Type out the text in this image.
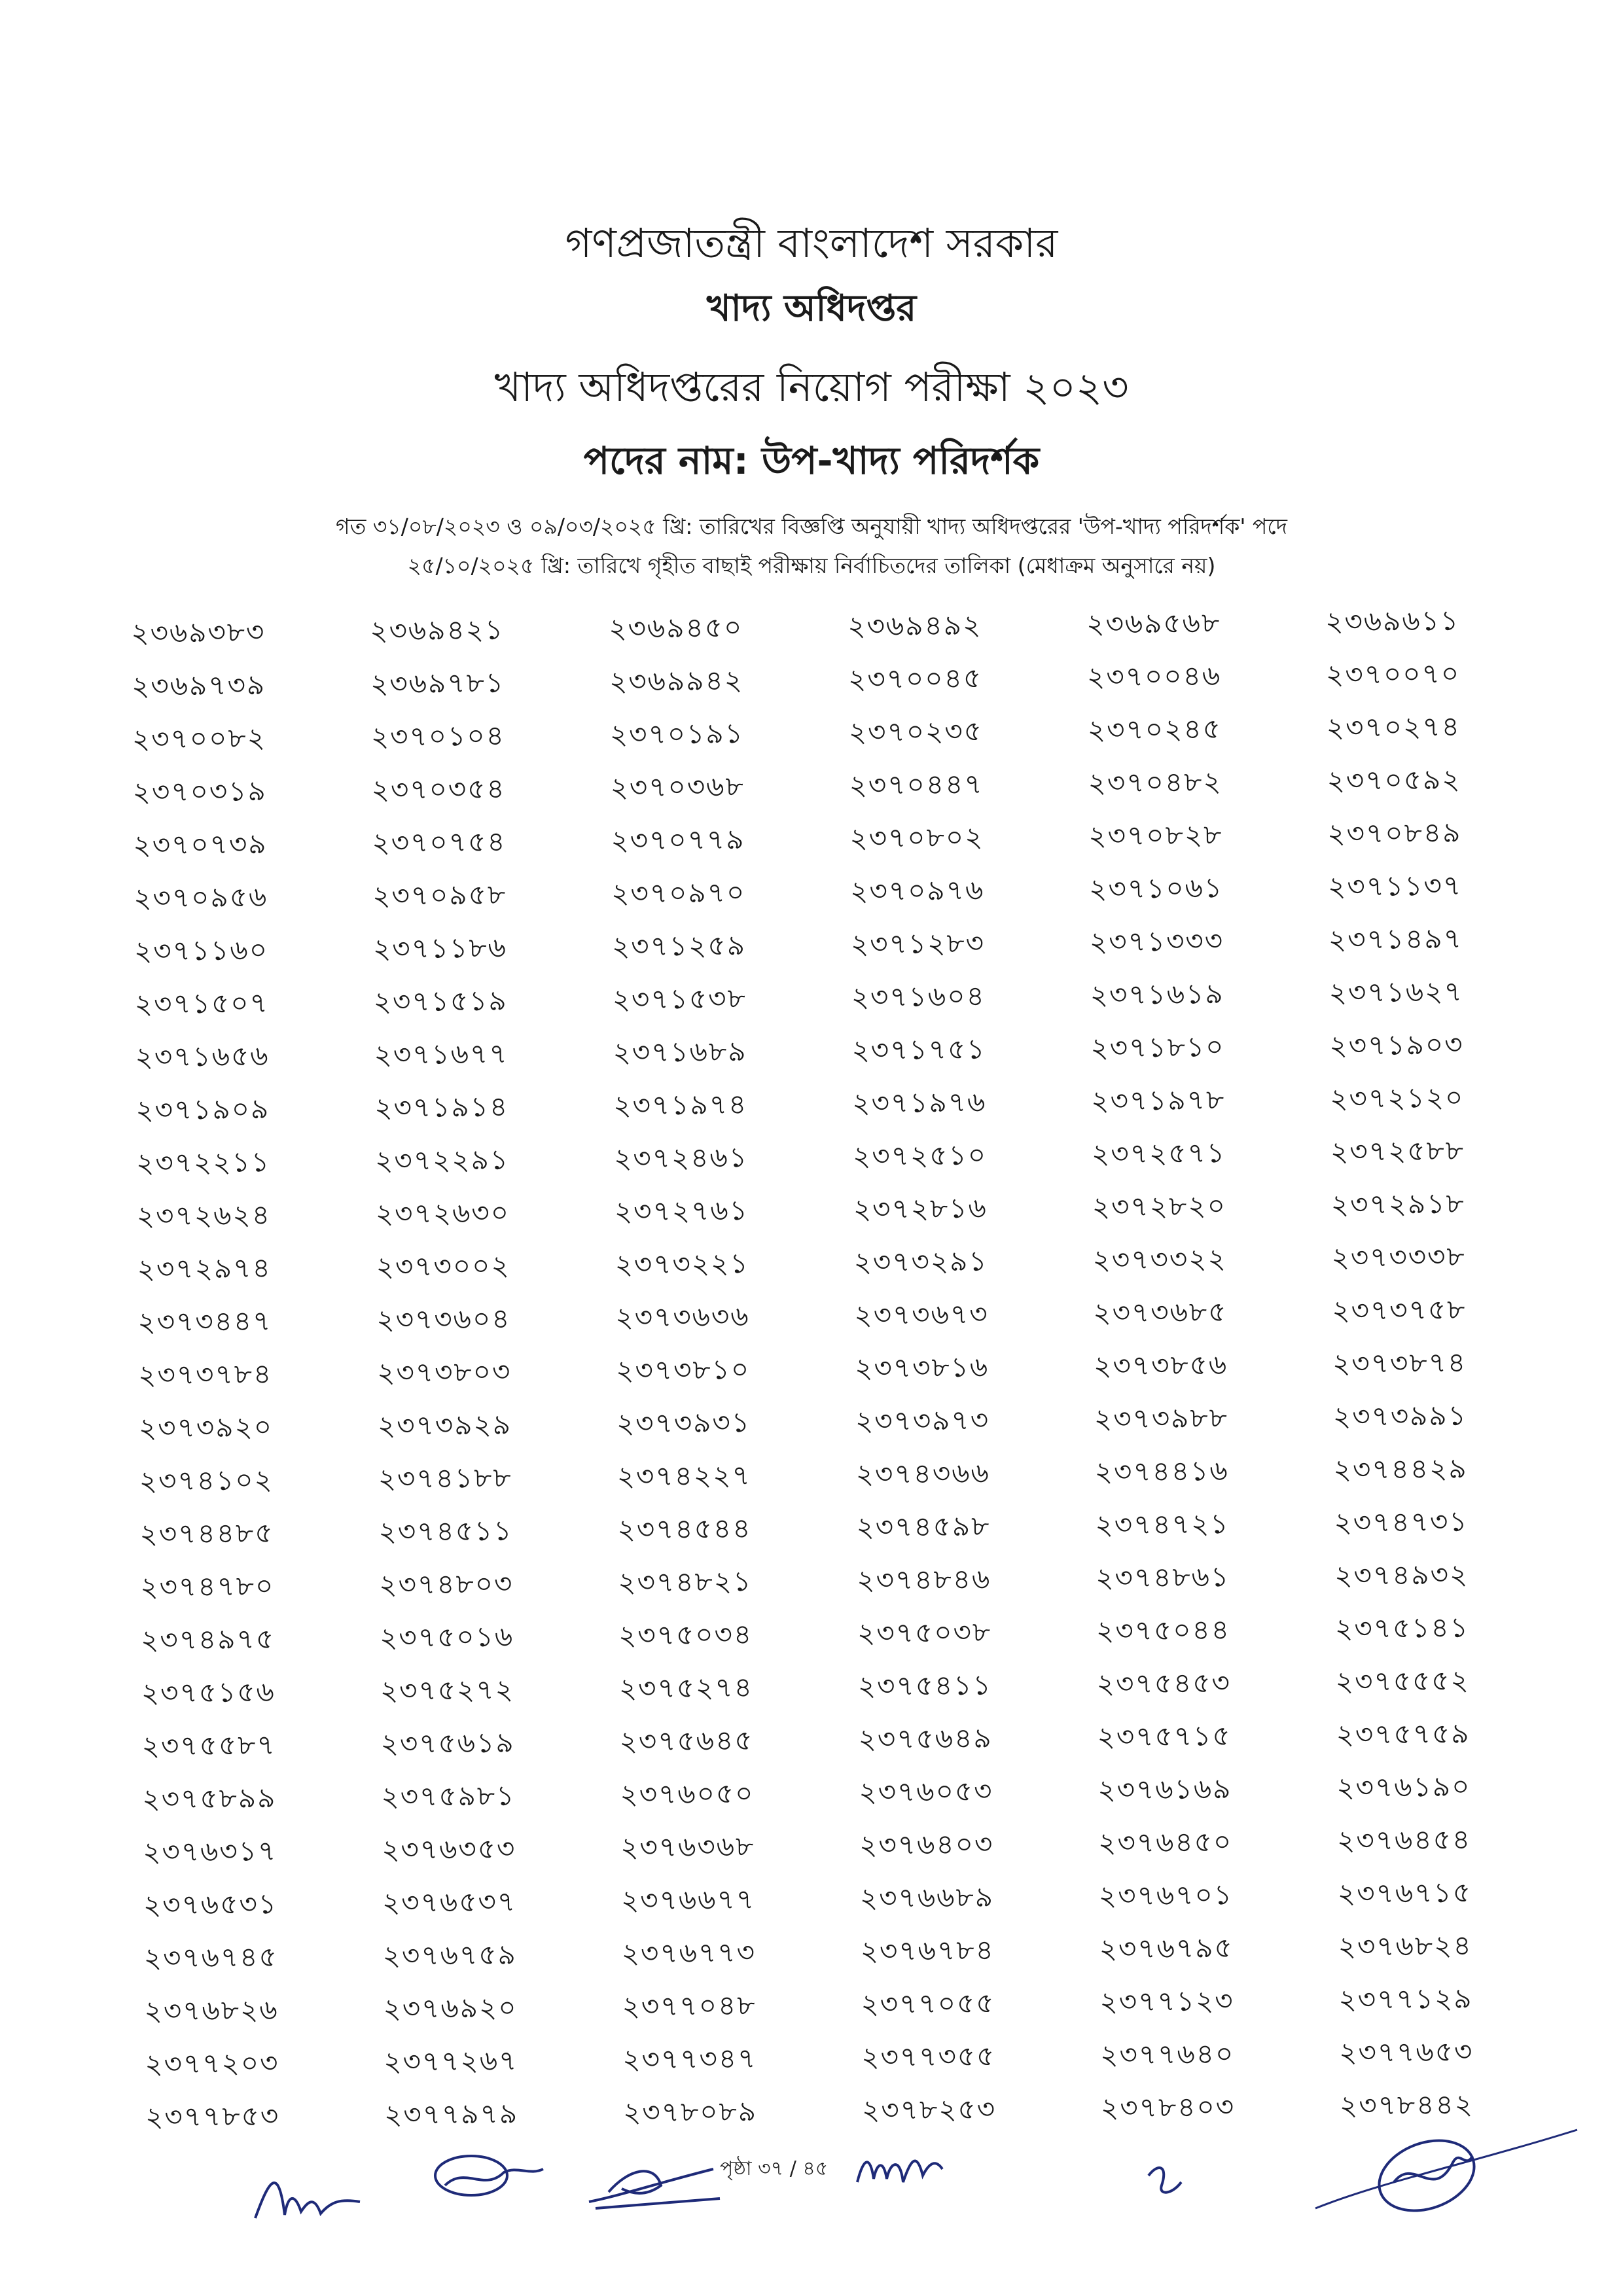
গণপ্রজাতন্ত্রী বাংলাদেশ সরকার
খাদ্য অধিদপ্তর
খাদ্য অধিদপ্তরের নিয়োগ পরীক্ষা ২০২৩
পদের নাম: উপ-খাদ্য পরিদর্শক
গত ৩১/০৮/২০২৩ ও ০৯/০৩/২০২৫ খ্রি: তারিখের বিজ্ঞপ্তি অনুযায়ী খাদ্য অধিদপ্তরের 'উপ-খাদ্য পরিদর্শক' পদে
২৫/১০/২০২৫ খ্রি: তারিখে গৃহীত বাছাই পরীক্ষায় নির্বাচিতদের তালিকা (মেধাক্রম অনুসারে নয়)
২৩৬৯৩৮৩	২৩৬৯৪২১	২৩৬৯৪৫০	২৩৬৯৪৯২	২৩৬৯৫৬৮	২৩৬৯৬১১
২৩৬৯৭৩৯	২৩৬৯৭৮১	২৩৬৯৯৪২	২৩৭০০৪৫	২৩৭০০৪৬	২৩৭০০৭০
২৩৭০০৮২	২৩৭০১০৪	২৩৭০১৯১	২৩৭০২৩৫	২৩৭০২৪৫	২৩৭০২৭৪
২৩৭০৩১৯	২৩৭০৩৫৪	২৩৭০৩৬৮	২৩৭০৪৪৭	২৩৭০৪৮২	২৩৭০৫৯২
২৩৭০৭৩৯	২৩৭০৭৫৪	২৩৭০৭৭৯	২৩৭০৮০২	২৩৭০৮২৮	২৩৭০৮৪৯
২৩৭০৯৫৬	২৩৭০৯৫৮	২৩৭০৯৭০	২৩৭০৯৭৬	২৩৭১০৬১	২৩৭১১৩৭
২৩৭১১৬০	২৩৭১১৮৬	২৩৭১২৫৯	২৩৭১২৮৩	২৩৭১৩৩৩	২৩৭১৪৯৭
২৩৭১৫০৭	২৩৭১৫১৯	২৩৭১৫৩৮	২৩৭১৬০৪	২৩৭১৬১৯	২৩৭১৬২৭
২৩৭১৬৫৬	২৩৭১৬৭৭	২৩৭১৬৮৯	২৩৭১৭৫১	২৩৭১৮১০	২৩৭১৯০৩
২৩৭১৯০৯	২৩৭১৯১৪	২৩৭১৯৭৪	২৩৭১৯৭৬	২৩৭১৯৭৮	২৩৭২১২০
২৩৭২২১১	২৩৭২২৯১	২৩৭২৪৬১	২৩৭২৫১০	২৩৭২৫৭১	২৩৭২৫৮৮
২৩৭২৬২৪	২৩৭২৬৩০	২৩৭২৭৬১	২৩৭২৮১৬	২৩৭২৮২০	২৩৭২৯১৮
২৩৭২৯৭৪	২৩৭৩০০২	২৩৭৩২২১	২৩৭৩২৯১	২৩৭৩৩২২	২৩৭৩৩৩৮
২৩৭৩৪৪৭	২৩৭৩৬০৪	২৩৭৩৬৩৬	২৩৭৩৬৭৩	২৩৭৩৬৮৫	২৩৭৩৭৫৮
২৩৭৩৭৮৪	২৩৭৩৮০৩	২৩৭৩৮১০	২৩৭৩৮১৬	২৩৭৩৮৫৬	২৩৭৩৮৭৪
২৩৭৩৯২০	২৩৭৩৯২৯	২৩৭৩৯৩১	২৩৭৩৯৭৩	২৩৭৩৯৮৮	২৩৭৩৯৯১
২৩৭৪১০২	২৩৭৪১৮৮	২৩৭৪২২৭	২৩৭৪৩৬৬	২৩৭৪৪১৬	২৩৭৪৪২৯
২৩৭৪৪৮৫	২৩৭৪৫১১	২৩৭৪৫৪৪	২৩৭৪৫৯৮	২৩৭৪৭২১	২৩৭৪৭৩১
২৩৭৪৭৮০	২৩৭৪৮০৩	২৩৭৪৮২১	২৩৭৪৮৪৬	২৩৭৪৮৬১	২৩৭৪৯৩২
২৩৭৪৯৭৫	২৩৭৫০১৬	২৩৭৫০৩৪	২৩৭৫০৩৮	২৩৭৫০৪৪	২৩৭৫১৪১
২৩৭৫১৫৬	২৩৭৫২৭২	২৩৭৫২৭৪	২৩৭৫৪১১	২৩৭৫৪৫৩	২৩৭৫৫৫২
২৩৭৫৫৮৭	২৩৭৫৬১৯	২৩৭৫৬৪৫	২৩৭৫৬৪৯	২৩৭৫৭১৫	২৩৭৫৭৫৯
২৩৭৫৮৯৯	২৩৭৫৯৮১	২৩৭৬০৫০	২৩৭৬০৫৩	২৩৭৬১৬৯	২৩৭৬১৯০
২৩৭৬৩১৭	২৩৭৬৩৫৩	২৩৭৬৩৬৮	২৩৭৬৪০৩	২৩৭৬৪৫০	২৩৭৬৪৫৪
২৩৭৬৫৩১	২৩৭৬৫৩৭	২৩৭৬৬৭৭	২৩৭৬৬৮৯	২৩৭৬৭০১	২৩৭৬৭১৫
২৩৭৬৭৪৫	২৩৭৬৭৫৯	২৩৭৬৭৭৩	২৩৭৬৭৮৪	২৩৭৬৭৯৫	২৩৭৬৮২৪
২৩৭৬৮২৬	২৩৭৬৯২০	২৩৭৭০৪৮	২৩৭৭০৫৫	২৩৭৭১২৩	২৩৭৭১২৯
২৩৭৭২০৩	২৩৭৭২৬৭	২৩৭৭৩৪৭	২৩৭৭৩৫৫	২৩৭৭৬৪০	২৩৭৭৬৫৩
২৩৭৭৮৫৩	২৩৭৭৯৭৯	২৩৭৮০৮৯	২৩৭৮২৫৩	২৩৭৮৪০৩	২৩৭৮৪৪২
পৃষ্ঠা ৩৭ / ৪৫
